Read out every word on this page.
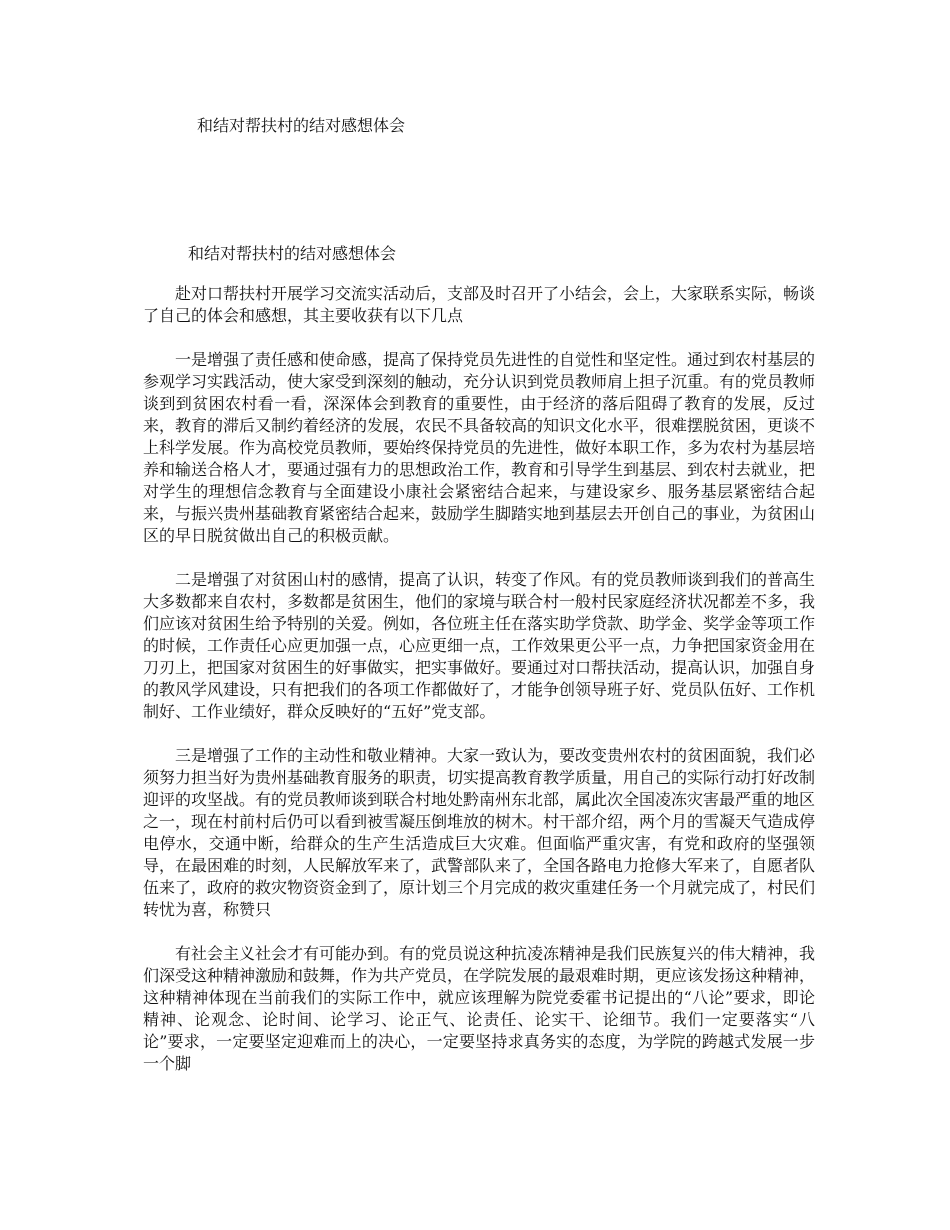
和结对帮扶村的结对感想体会
和结对帮扶村的结对感想体会

赴对口帮扶村开展学习交流实活动后，支部及时召开了小结会，会上，大家联系实际，畅谈了自己的体会和感想，其主要收获有以下几点

一是增强了责任感和使命感，提高了保持党员先进性的自觉性和坚定性。通过到农村基层的参观学习实践活动，使大家受到深刻的触动，充分认识到党员教师肩上担子沉重。有的党员教师谈到到贫困农村看一看，深深体会到教育的重要性，由于经济的落后阻碍了教育的发展，反过来，教育的滞后又制约着经济的发展，农民不具备较高的知识文化水平，很难摆脱贫困，更谈不上科学发展。作为高校党员教师，要始终保持党员的先进性，做好本职工作，多为农村为基层培养和输送合格人才，要通过强有力的思想政治工作，教育和引导学生到基层、到农村去就业，把对学生的理想信念教育与全面建设小康社会紧密结合起来，与建设家乡、服务基层紧密结合起来，与振兴贵州基础教育紧密结合起来，鼓励学生脚踏实地到基层去开创自己的事业，为贫困山区的早日脱贫做出自己的积极贡献。

二是增强了对贫困山村的感情，提高了认识，转变了作风。有的党员教师谈到我们的普高生大多数都来自农村，多数都是贫困生，他们的家境与联合村一般村民家庭经济状况都差不多，我们应该对贫困生给予特别的关爱。例如，各位班主任在落实助学贷款、助学金、奖学金等项工作的时候，工作责任心应更加强一点，心应更细一点，工作效果更公平一点，力争把国家资金用在刀刃上，把国家对贫困生的好事做实，把实事做好。要通过对口帮扶活动，提高认识，加强自身的教风学风建设，只有把我们的各项工作都做好了，才能争创领导班子好、党员队伍好、工作机制好、工作业绩好，群众反映好的“五好”党支部。

三是增强了工作的主动性和敬业精神。大家一致认为，要改变贵州农村的贫困面貌，我们必须努力担当好为贵州基础教育服务的职责，切实提高教育教学质量，用自己的实际行动打好改制迎评的攻坚战。有的党员教师谈到联合村地处黔南州东北部，属此次全国凌冻灾害最严重的地区之一，现在村前村后仍可以看到被雪凝压倒堆放的树木。村干部介绍，两个月的雪凝天气造成停电停水，交通中断，给群众的生产生活造成巨大灾难。但面临严重灾害，有党和政府的坚强领导，在最困难的时刻，人民解放军来了，武警部队来了，全国各路电力抢修大军来了，自愿者队伍来了，政府的救灾物资资金到了，原计划三个月完成的救灾重建任务一个月就完成了，村民们转忧为喜，称赞只

有社会主义社会才有可能办到。有的党员说这种抗凌冻精神是我们民族复兴的伟大精神，我们深受这种精神激励和鼓舞，作为共产党员，在学院发展的最艰难时期，更应该发扬这种精神，这种精神体现在当前我们的实际工作中，就应该理解为院党委霍书记提出的“八论”要求，即论精神、论观念、论时间、论学习、论正气、论责任、论实干、论细节。我们一定要落实“八论”要求，一定要坚定迎难而上的决心，一定要坚持求真务实的态度，为学院的跨越式发展一步一个脚
